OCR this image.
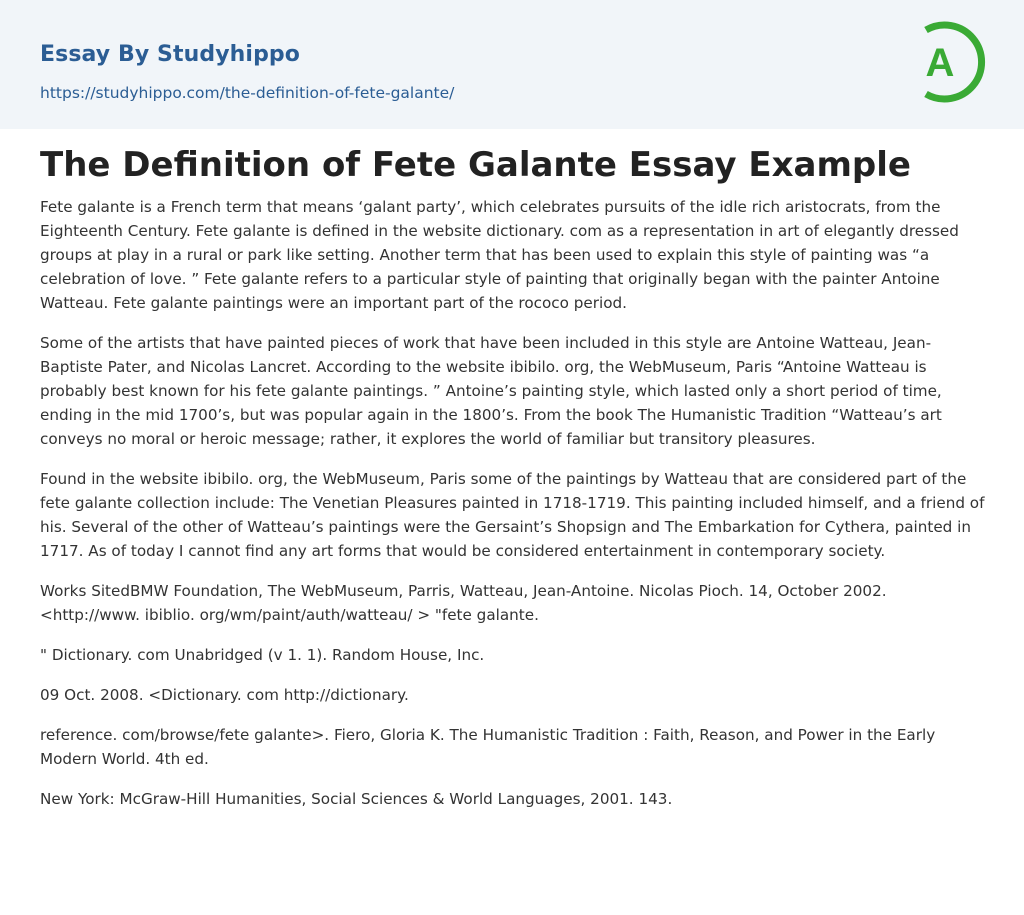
Essay By Studyhippo
https://studyhippo.com/the-definition-of-fete-galante/
A
The Definition of Fete Galante Essay Example

Fete galante is a French term that means ‘galant party’, which celebrates pursuits of the idle rich aristocrats, from the Eighteenth Century. Fete galante is defined in the website dictionary. com as a representation in art of elegantly dressed groups at play in a rural or park like setting. Another term that has been used to explain this style of painting was “a celebration of love. ” Fete galante refers to a particular style of painting that originally began with the painter Antoine Watteau. Fete galante paintings were an important part of the rococo period.

Some of the artists that have painted pieces of work that have been included in this style are Antoine Watteau, Jean-Baptiste Pater, and Nicolas Lancret. According to the website ibibilo. org, the WebMuseum, Paris “Antoine Watteau is probably best known for his fete galante paintings. ” Antoine’s painting style, which lasted only a short period of time, ending in the mid 1700’s, but was popular again in the 1800’s. From the book The Humanistic Tradition “Watteau’s art conveys no moral or heroic message; rather, it explores the world of familiar but transitory pleasures.

Found in the website ibibilo. org, the WebMuseum, Paris some of the paintings by Watteau that are considered part of the fete galante collection include: The Venetian Pleasures painted in 1718-1719. This painting included himself, and a friend of his. Several of the other of Watteau’s paintings were the Gersaint’s Shopsign and The Embarkation for Cythera, painted in 1717. As of today I cannot find any art forms that would be considered entertainment in contemporary society.

Works SitedBMW Foundation, The WebMuseum, Parris, Watteau, Jean-Antoine. Nicolas Pioch. 14, October 2002. <http://www. ibiblio. org/wm/paint/auth/watteau/ > "fete galante.

" Dictionary. com Unabridged (v 1. 1). Random House, Inc.

09 Oct. 2008. <Dictionary. com http://dictionary.

reference. com/browse/fete galante>. Fiero, Gloria K. The Humanistic Tradition : Faith, Reason, and Power in the Early Modern World. 4th ed.

New York: McGraw-Hill Humanities, Social Sciences & World Languages, 2001. 143.
